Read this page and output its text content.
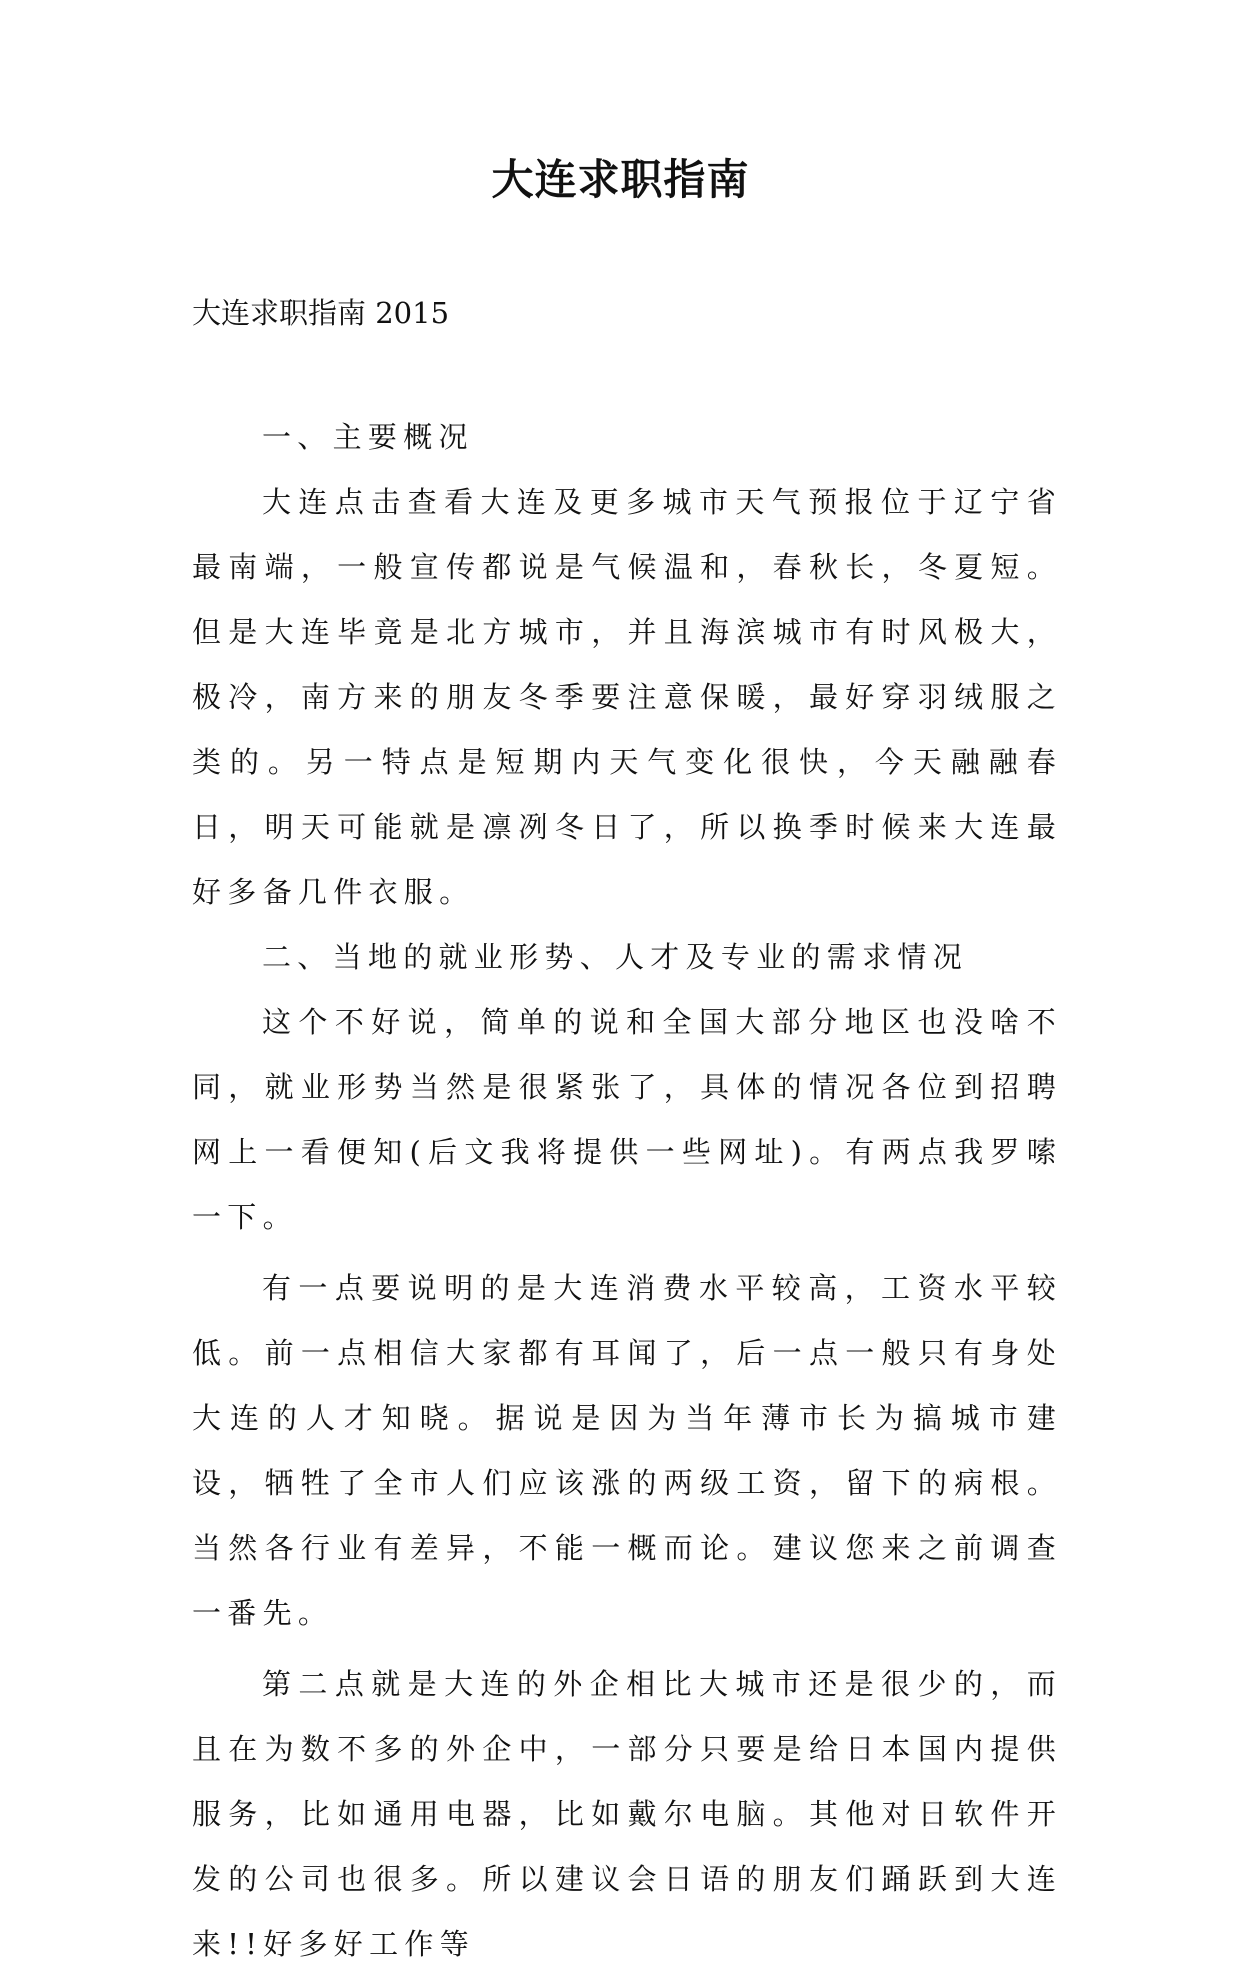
大连求职指南

大连求职指南 2015

一、主要概况

大连点击查看大连及更多城市天气预报位于辽宁省最南端，一般宣传都说是气候温和，春秋长，冬夏短。但是大连毕竟是北方城市，并且海滨城市有时风极大，极冷，南方来的朋友冬季要注意保暖，最好穿羽绒服之类的。另一特点是短期内天气变化很快，今天融融春日，明天可能就是凛冽冬日了，所以换季时候来大连最好多备几件衣服。

二、当地的就业形势、人才及专业的需求情况

这个不好说，简单的说和全国大部分地区也没啥不同，就业形势当然是很紧张了，具体的情况各位到招聘网上一看便知(后文我将提供一些网址)。有两点我罗嗦一下。

有一点要说明的是大连消费水平较高，工资水平较低。前一点相信大家都有耳闻了，后一点一般只有身处大连的人才知晓。据说是因为当年薄市长为搞城市建设，牺牲了全市人们应该涨的两级工资，留下的病根。当然各行业有差异，不能一概而论。建议您来之前调查一番先。

第二点就是大连的外企相比大城市还是很少的，而且在为数不多的外企中，一部分只要是给日本国内提供服务，比如通用电器，比如戴尔电脑。其他对日软件开发的公司也很多。所以建议会日语的朋友们踊跃到大连来!!好多好工作等
